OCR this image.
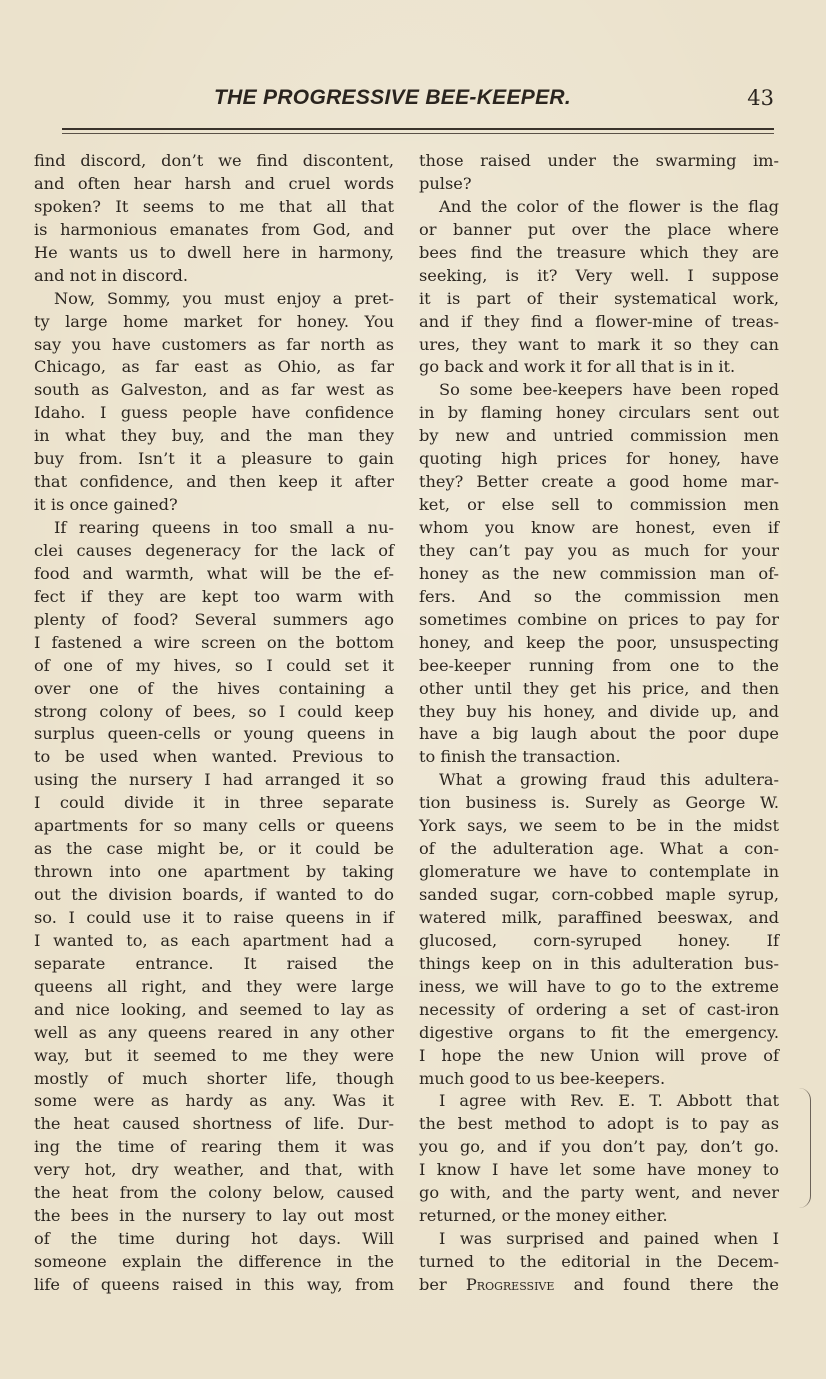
THE PROGRESSIVE BEE-KEEPER.	43
find discord, don’t we find discontent,
and often hear harsh and cruel words
spoken? It seems to me that all that
is harmonious emanates from God, and
He wants us to dwell here in harmony,
and not in discord.
Now, Sommy, you must enjoy a pret-
ty large home market for honey. You
say you have customers as far north as
Chicago, as far east as Ohio, as far
south as Galveston, and as far west as
Idaho. I guess people have confidence
in what they buy, and the man they
buy from. Isn’t it a pleasure to gain
that confidence, and then keep it after
it is once gained?
If rearing queens in too small a nu-
clei causes degeneracy for the lack of
food and warmth, what will be the ef-
fect if they are kept too warm with
plenty of food? Several summers ago
I fastened a wire screen on the bottom
of one of my hives, so I could set it
over one of the hives containing a
strong colony of bees, so I could keep
surplus queen-cells or young queens in
to be used when wanted. Previous to
using the nursery I had arranged it so
I could divide it in three separate
apartments for so many cells or queens
as the case might be, or it could be
thrown into one apartment by taking
out the division boards, if wanted to do
so. I could use it to raise queens in if
I wanted to, as each apartment had a
separate entrance. It raised the
queens all right, and they were large
and nice looking, and seemed to lay as
well as any queens reared in any other
way, but it seemed to me they were
mostly of much shorter life, though
some were as hardy as any. Was it
the heat caused shortness of life. Dur-
ing the time of rearing them it was
very hot, dry weather, and that, with
the heat from the colony below, caused
the bees in the nursery to lay out most
of the time during hot days. Will
someone explain the difference in the
life of queens raised in this way, from
those raised under the swarming im-
pulse?
And the color of the flower is the flag
or banner put over the place where
bees find the treasure which they are
seeking, is it? Very well. I suppose
it is part of their systematical work,
and if they find a flower-mine of treas-
ures, they want to mark it so they can
go back and work it for all that is in it.
So some bee-keepers have been roped
in by flaming honey circulars sent out
by new and untried commission men
quoting high prices for honey, have
they? Better create a good home mar-
ket, or else sell to commission men
whom you know are honest, even if
they can’t pay you as much for your
honey as the new commission man of-
fers. And so the commission men
sometimes combine on prices to pay for
honey, and keep the poor, unsuspecting
bee-keeper running from one to the
other until they get his price, and then
they buy his honey, and divide up, and
have a big laugh about the poor dupe
to finish the transaction.
What a growing fraud this adultera-
tion business is. Surely as George W.
York says, we seem to be in the midst
of the adulteration age. What a con-
glomerature we have to contemplate in
sanded sugar, corn-cobbed maple syrup,
watered milk, paraffined beeswax, and
glucosed, corn-syruped honey. If
things keep on in this adulteration bus-
iness, we will have to go to the extreme
necessity of ordering a set of cast-iron
digestive organs to fit the emergency.
I hope the new Union will prove of
much good to us bee-keepers.
I agree with Rev. E. T. Abbott that
the best method to adopt is to pay as
you go, and if you don’t pay, don’t go.
I know I have let some have money to
go with, and the party went, and never
returned, or the money either.
I was surprised and pained when I
turned to the editorial in the Decem-
ber Progressive and found there the
